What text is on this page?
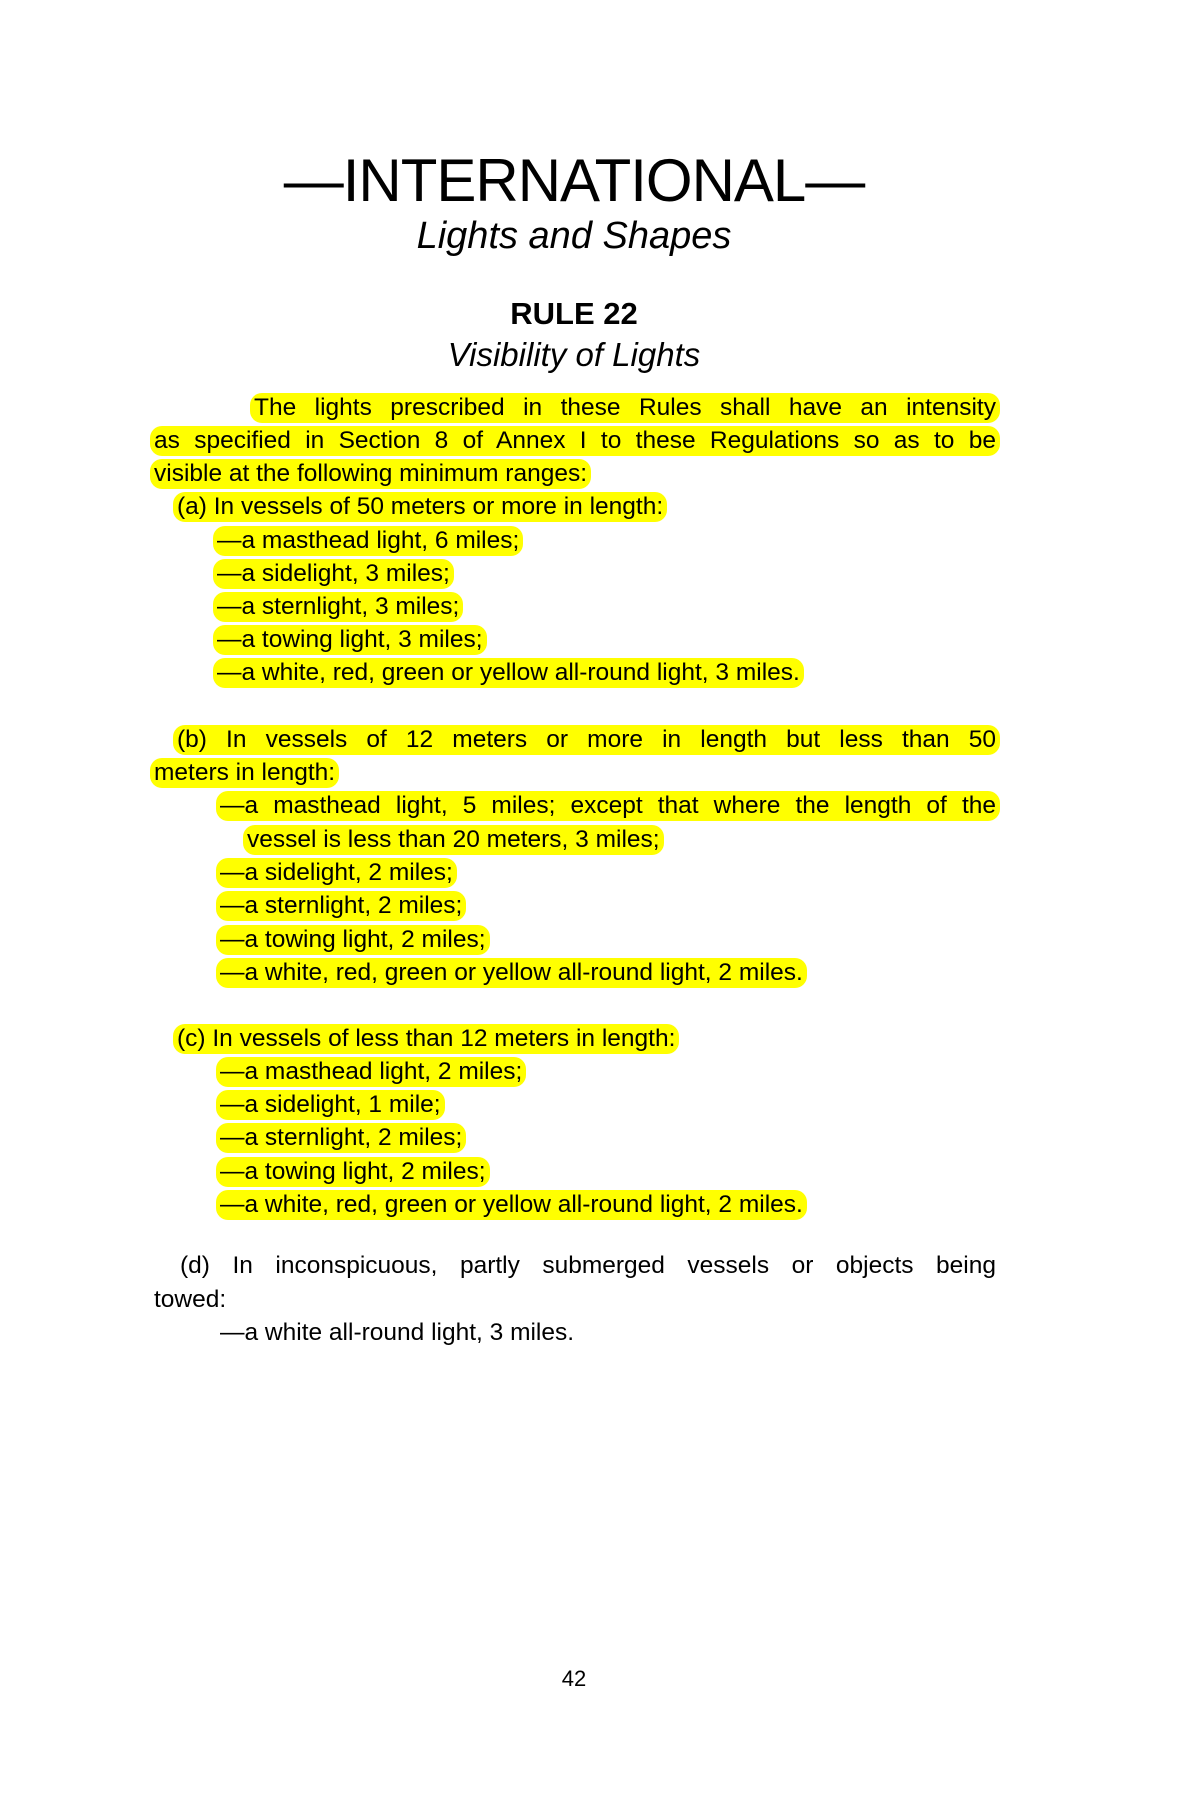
—INTERNATIONAL—
Lights and Shapes
RULE 22
Visibility of Lights
The lights prescribed in these Rules shall have an intensity
as specified in Section 8 of Annex I to these Regulations so as to be
visible at the following minimum ranges:
(a) In vessels of 50 meters or more in length:
—a masthead light, 6 miles;
—a sidelight, 3 miles;
—a sternlight, 3 miles;
—a towing light, 3 miles;
—a white, red, green or yellow all-round light, 3 miles.
(b) In vessels of 12 meters or more in length but less than 50
meters in length:
—a masthead light, 5 miles; except that where the length of the
vessel is less than 20 meters, 3 miles;
—a sidelight, 2 miles;
—a sternlight, 2 miles;
—a towing light, 2 miles;
—a white, red, green or yellow all-round light, 2 miles.
(c) In vessels of less than 12 meters in length:
—a masthead light, 2 miles;
—a sidelight, 1 mile;
—a sternlight, 2 miles;
—a towing light, 2 miles;
—a white, red, green or yellow all-round light, 2 miles.
(d) In inconspicuous, partly submerged vessels or objects being
towed:
—a white all-round light, 3 miles.
42
